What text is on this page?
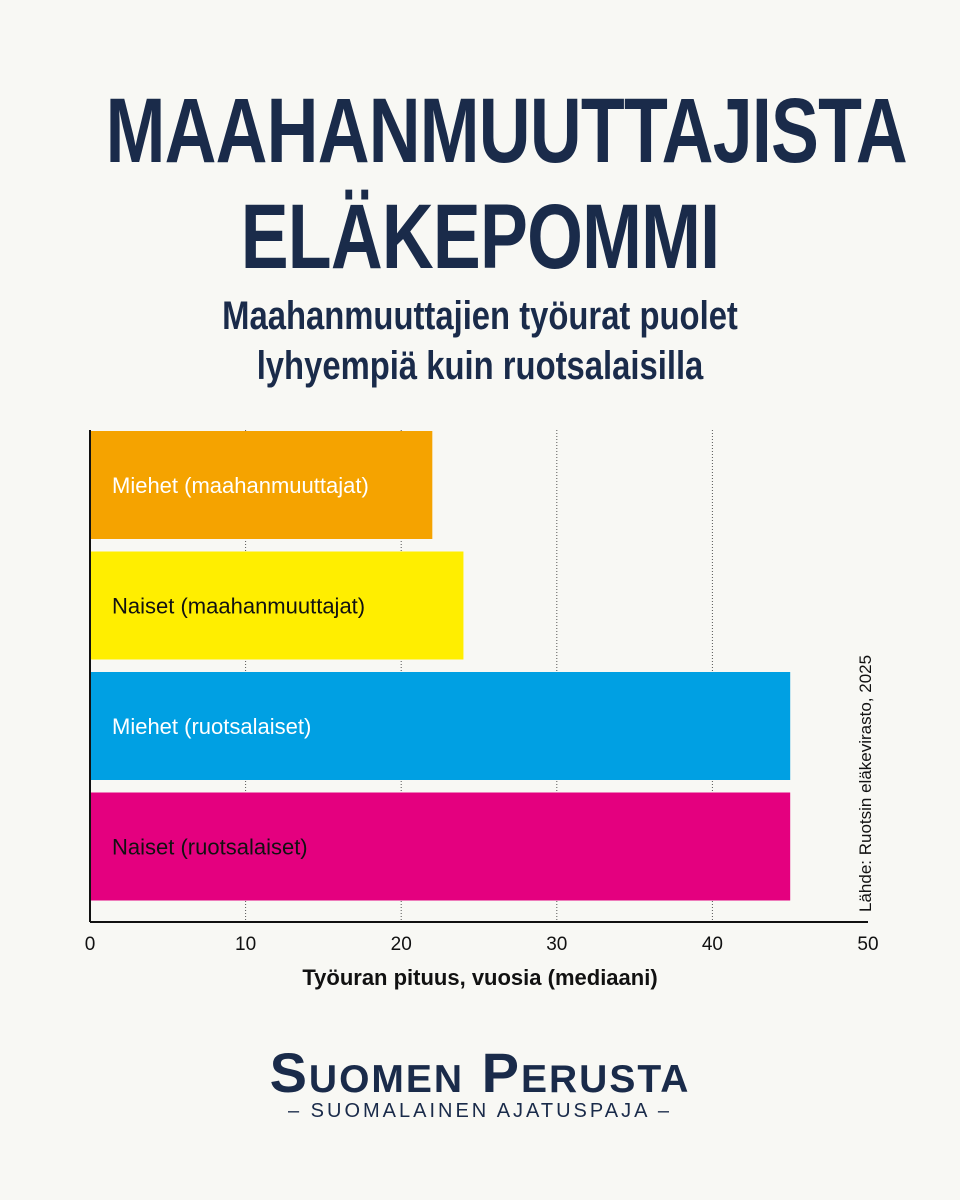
MAAHANMUUTTAJISTA
ELÄKEPOMMI
Maahanmuuttajien työurat puolet
lyhyempiä kuin ruotsalaisilla
Miehet (maahanmuuttajat)
Naiset (maahanmuuttajat)
Miehet (ruotsalaiset)
Naiset (ruotsalaiset)
0	10	20	30	40	50
Työuran pituus, vuosia (mediaani)
Lähde: Ruotsin eläkevirasto, 2025
Suomen Perusta
– SUOMALAINEN AJATUSPAJA –
